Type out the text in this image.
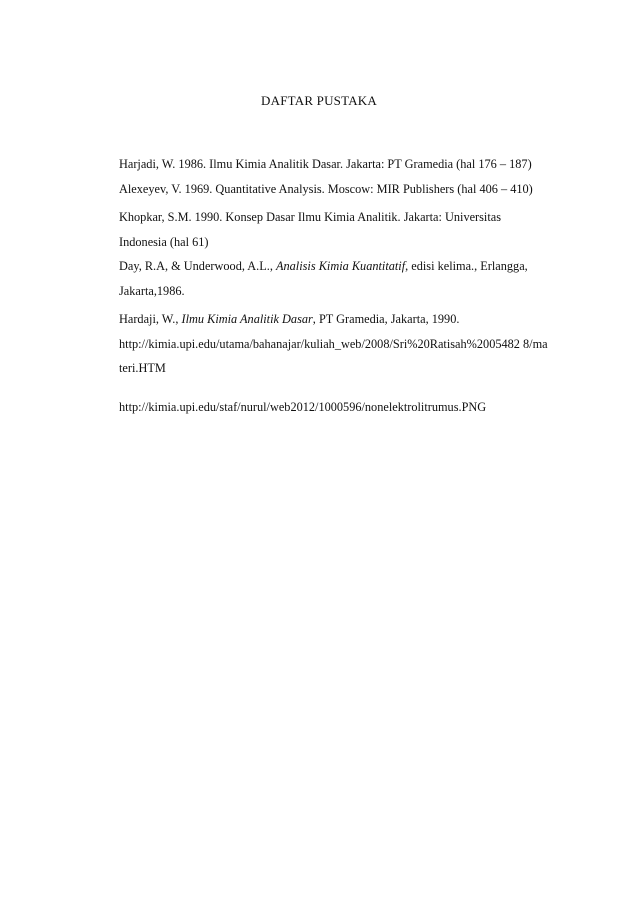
DAFTAR PUSTAKA

Harjadi, W. 1986. Ilmu Kimia Analitik Dasar. Jakarta: PT Gramedia (hal 176 – 187)

Alexeyev, V. 1969. Quantitative Analysis. Moscow: MIR Publishers (hal 406 – 410)

Khopkar, S.M. 1990. Konsep Dasar Ilmu Kimia Analitik. Jakarta: Universitas Indonesia (hal 61)

Day, R.A, & Underwood, A.L., Analisis Kimia Kuantitatif, edisi kelima., Erlangga, Jakarta,1986.

Hardaji, W., Ilmu Kimia Analitik Dasar, PT Gramedia, Jakarta, 1990.

http://kimia.upi.edu/utama/bahanajar/kuliah_web/2008/Sri%20Ratisah%2005482 8/materi.HTM

http://kimia.upi.edu/staf/nurul/web2012/1000596/nonelektrolitrumus.PNG
